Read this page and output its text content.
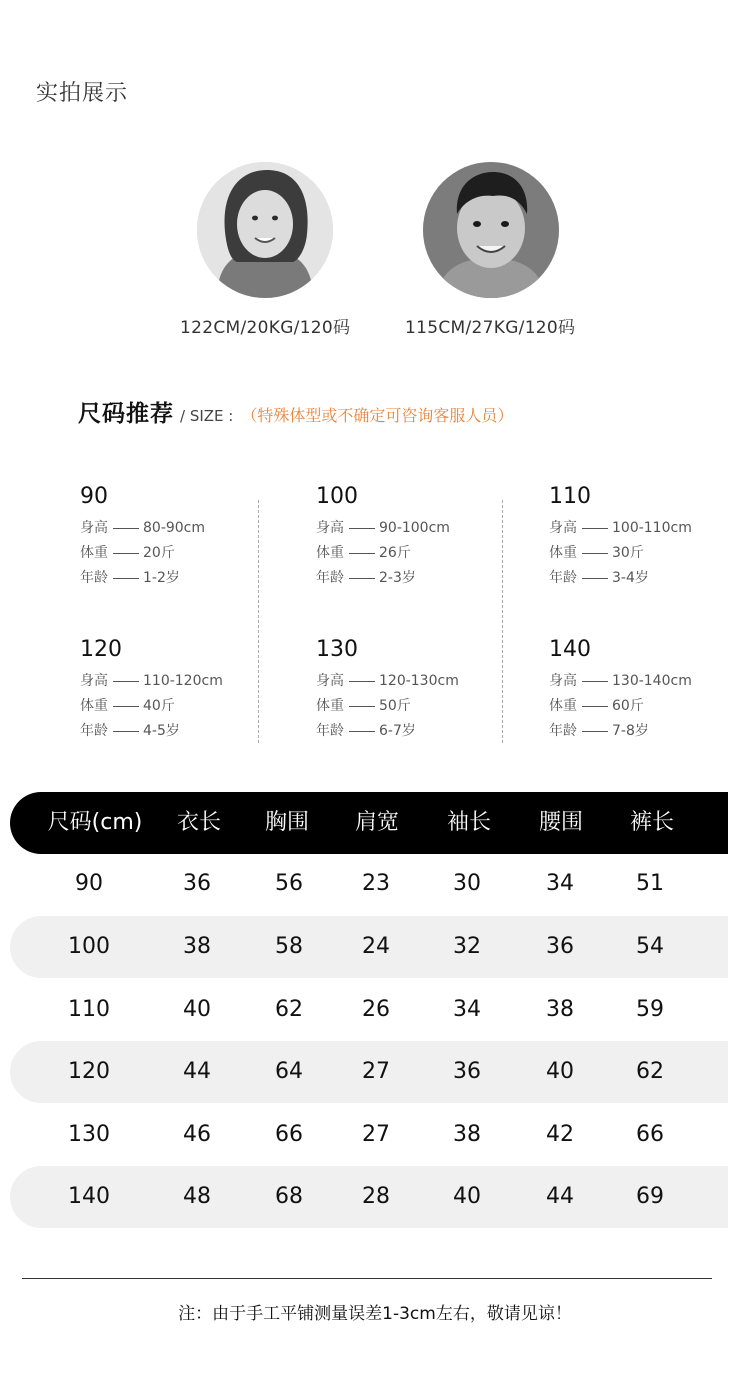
实拍展示
122CM/20KG/120码	115CM/27KG/120码
尺码推荐 / SIZE : （特殊体型或不确定可咨询客服人员）
90
身高	80-90cm
体重	20斤
年龄	1-2岁
100
身高	90-100cm
体重	26斤
年龄	2-3岁
110
身高	100-110cm
体重	30斤
年龄	3-4岁
120
身高	110-120cm
体重	40斤
年龄	4-5岁
130
身高	120-130cm
体重	50斤
年龄	6-7岁
140
身高	130-140cm
体重	60斤
年龄	7-8岁
尺码(cm) 衣长 胸围 肩宽 袖长 腰围 裤长
90	36	56	23	30	34	51
100	38	58	24	32	36	54
110	40	62	26	34	38	59
120	44	64	27	36	40	62
130	46	66	27	38	42	66
140	48	68	28	40	44	69
注：由于手工平铺测量误差1-3cm左右，敬请见谅！
